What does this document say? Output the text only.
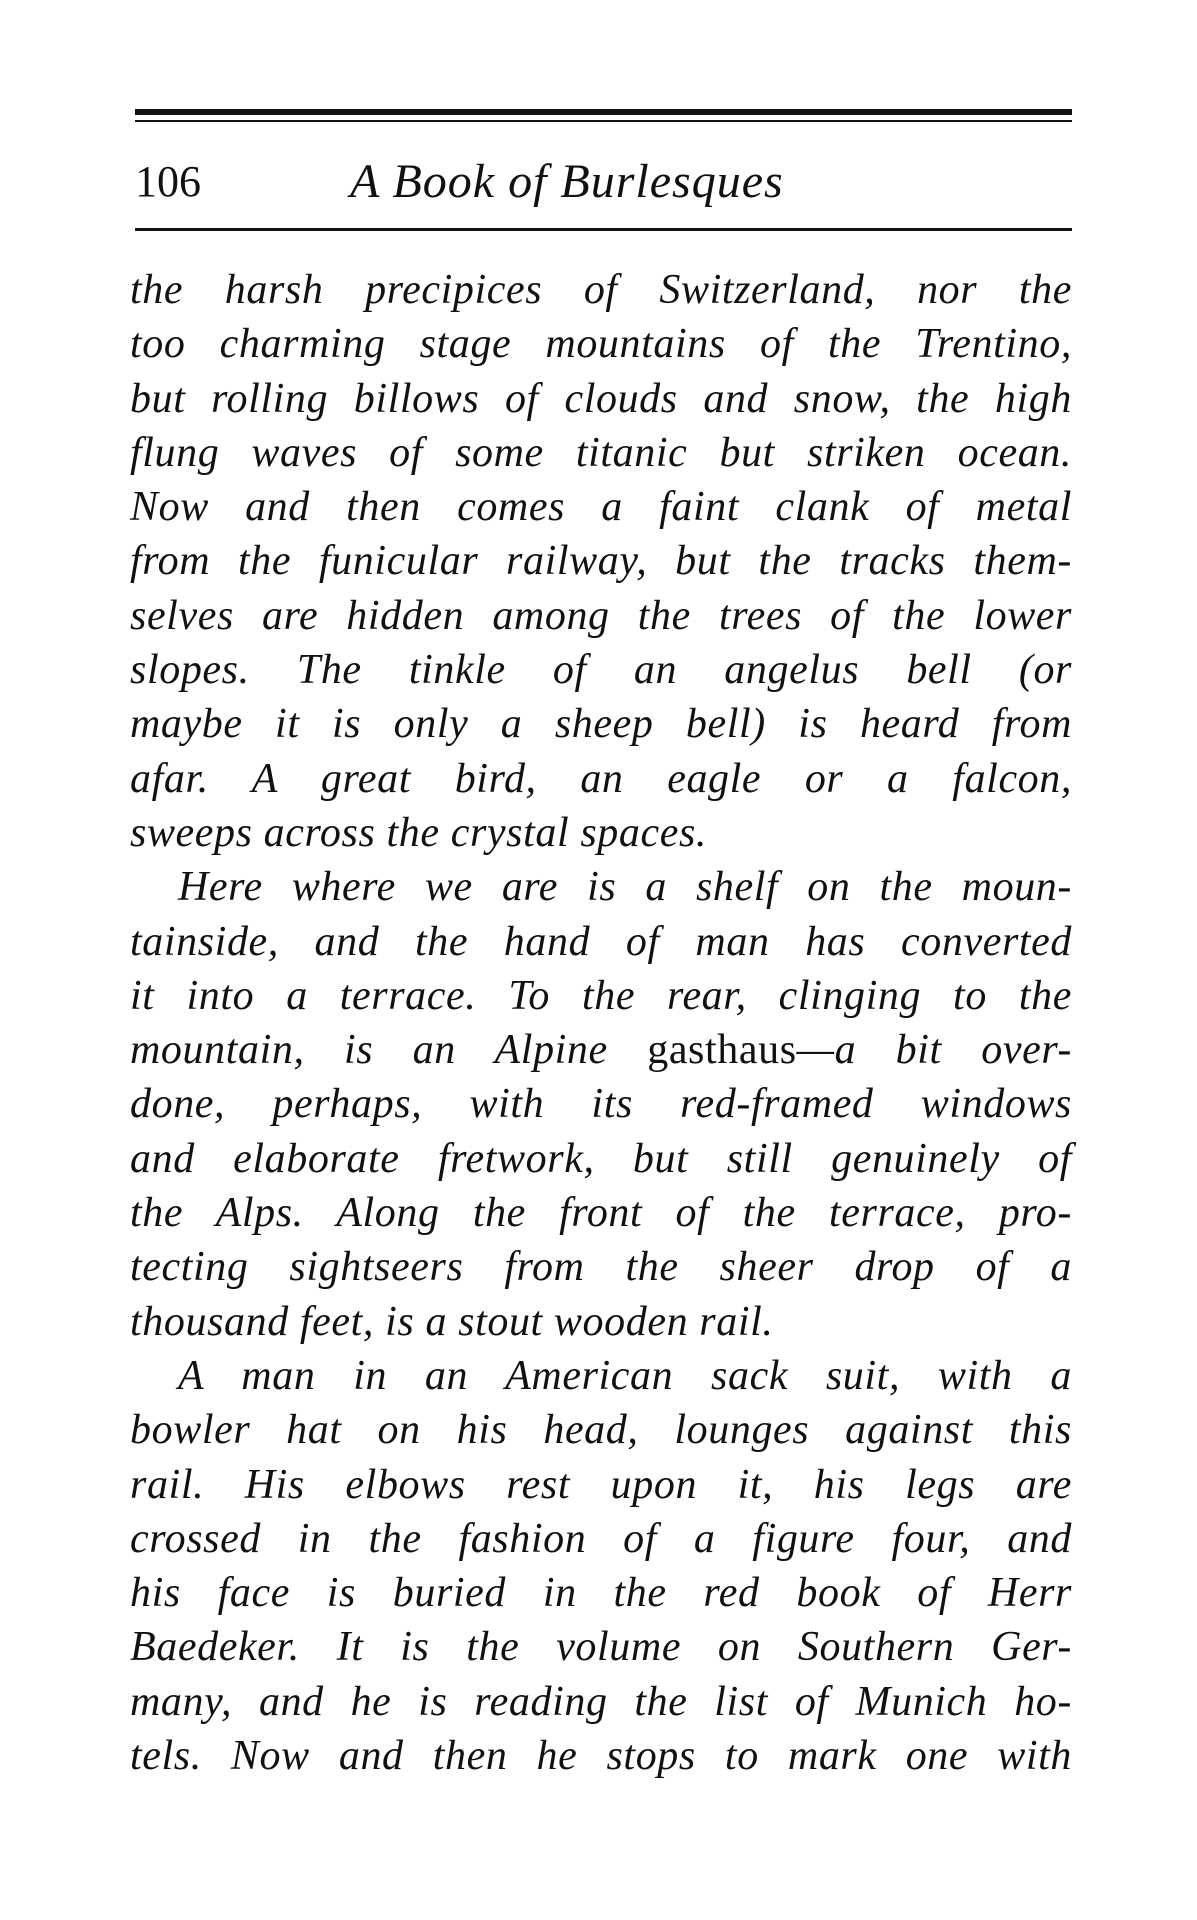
106	A Book of Burlesques
the harsh precipices of Switzerland, nor the
too charming stage mountains of the Trentino,
but rolling billows of clouds and snow, the high
flung waves of some titanic but striken ocean.
Now and then comes a faint clank of metal
from the funicular railway, but the tracks them-
selves are hidden among the trees of the lower
slopes. The tinkle of an angelus bell (or
maybe it is only a sheep bell) is heard from
afar. A great bird, an eagle or a falcon,
sweeps across the crystal spaces.
Here where we are is a shelf on the moun-
tainside, and the hand of man has converted
it into a terrace. To the rear, clinging to the
mountain, is an Alpine gasthaus—a bit over-
done, perhaps, with its red-framed windows
and elaborate fretwork, but still genuinely of
the Alps. Along the front of the terrace, pro-
tecting sightseers from the sheer drop of a
thousand feet, is a stout wooden rail.
A man in an American sack suit, with a
bowler hat on his head, lounges against this
rail. His elbows rest upon it, his legs are
crossed in the fashion of a figure four, and
his face is buried in the red book of Herr
Baedeker. It is the volume on Southern Ger-
many, and he is reading the list of Munich ho-
tels. Now and then he stops to mark one with
